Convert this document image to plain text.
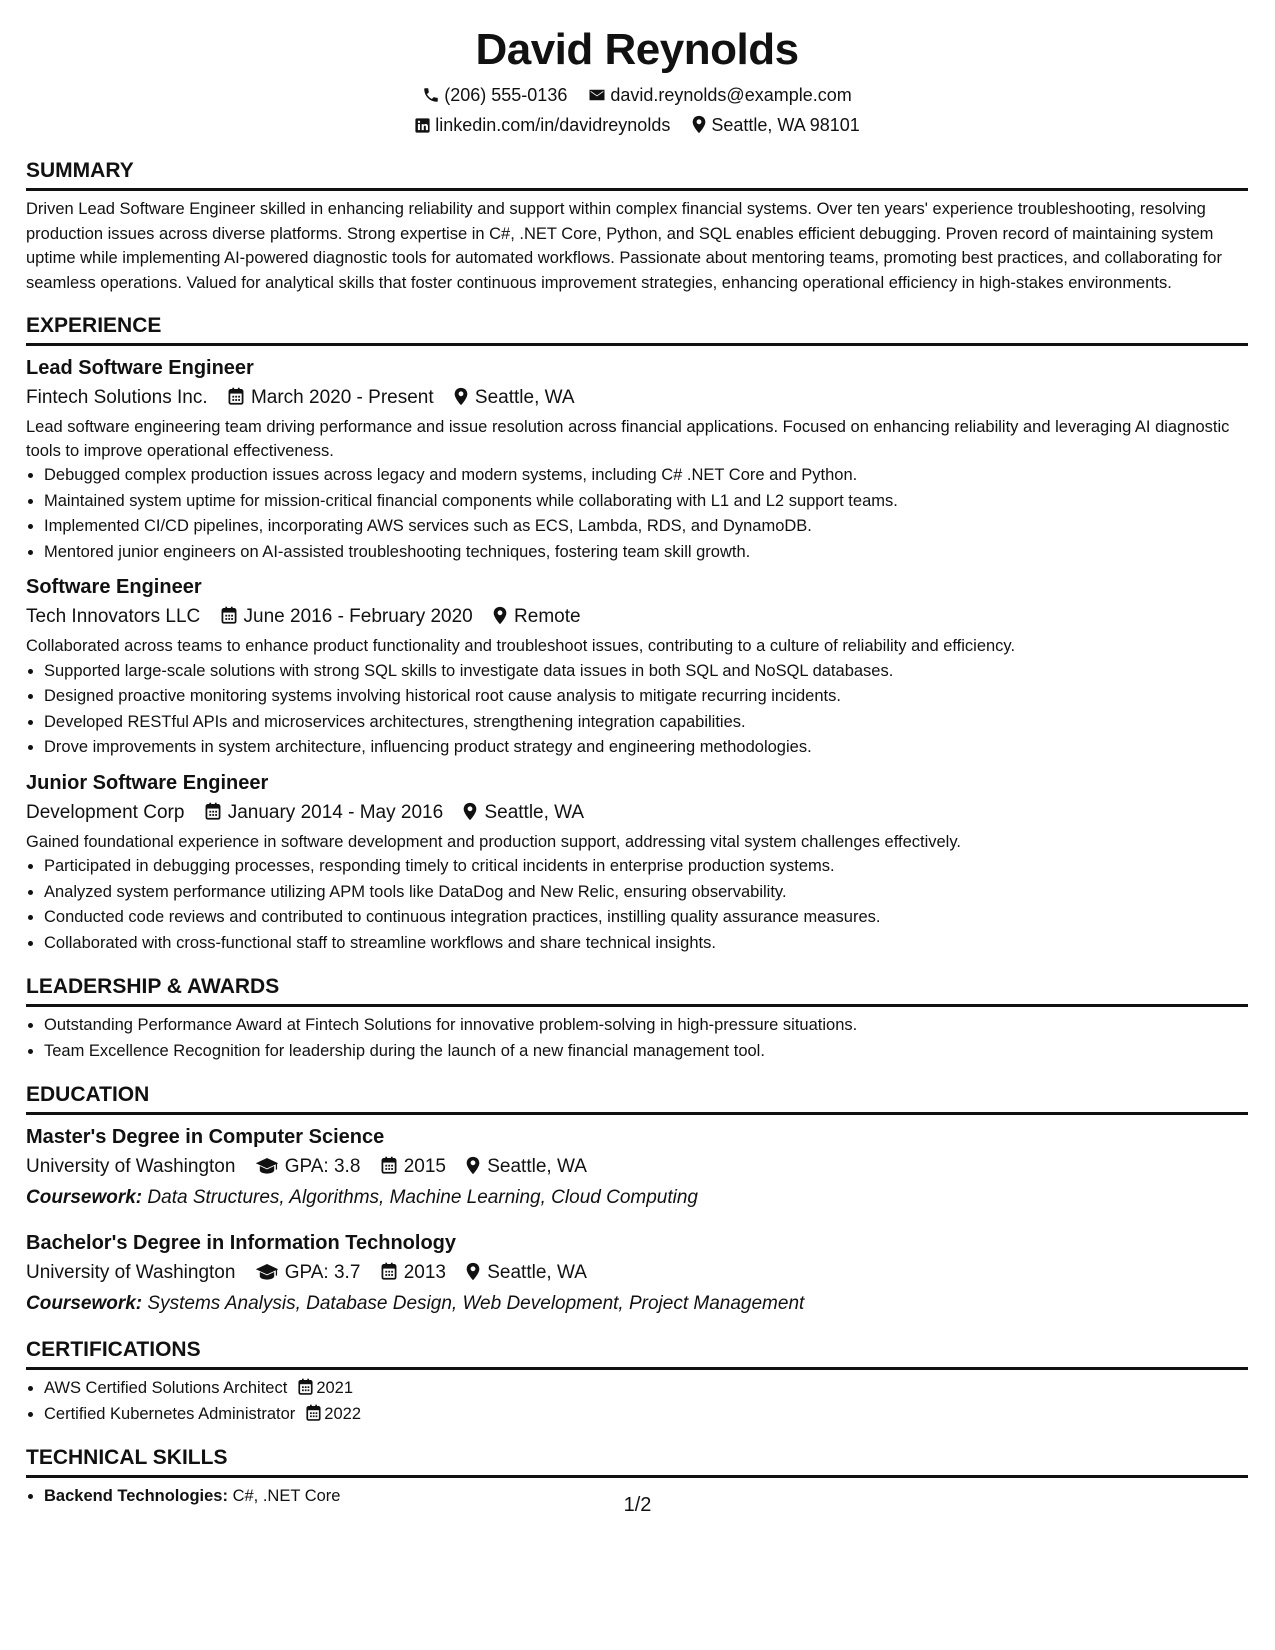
David Reynolds
(206) 555-0136 david.reynolds@example.com
linkedin.com/in/davidreynolds Seattle, WA 98101
SUMMARY

Driven Lead Software Engineer skilled in enhancing reliability and support within complex financial systems. Over ten years' experience troubleshooting, resolving production issues across diverse platforms. Strong expertise in C#, .NET Core, Python, and SQL enables efficient debugging. Proven record of maintaining system uptime while implementing AI-powered diagnostic tools for automated workflows. Passionate about mentoring teams, promoting best practices, and collaborating for seamless operations. Valued for analytical skills that foster continuous improvement strategies, enhancing operational efficiency in high-stakes environments.

EXPERIENCE
Lead Software Engineer
Fintech Solutions Inc. March 2020 - Present Seattle, WA
Lead software engineering team driving performance and issue resolution across financial applications. Focused on enhancing reliability and leveraging AI diagnostic tools to improve operational effectiveness.
• Debugged complex production issues across legacy and modern systems, including C# .NET Core and Python.
• Maintained system uptime for mission-critical financial components while collaborating with L1 and L2 support teams.
• Implemented CI/CD pipelines, incorporating AWS services such as ECS, Lambda, RDS, and DynamoDB.
• Mentored junior engineers on AI-assisted troubleshooting techniques, fostering team skill growth.
Software Engineer
Tech Innovators LLC June 2016 - February 2020 Remote
Collaborated across teams to enhance product functionality and troubleshoot issues, contributing to a culture of reliability and efficiency.
• Supported large-scale solutions with strong SQL skills to investigate data issues in both SQL and NoSQL databases.
• Designed proactive monitoring systems involving historical root cause analysis to mitigate recurring incidents.
• Developed RESTful APIs and microservices architectures, strengthening integration capabilities.
• Drove improvements in system architecture, influencing product strategy and engineering methodologies.
Junior Software Engineer
Development Corp January 2014 - May 2016 Seattle, WA
Gained foundational experience in software development and production support, addressing vital system challenges effectively.
• Participated in debugging processes, responding timely to critical incidents in enterprise production systems.
• Analyzed system performance utilizing APM tools like DataDog and New Relic, ensuring observability.
• Conducted code reviews and contributed to continuous integration practices, instilling quality assurance measures.
• Collaborated with cross-functional staff to streamline workflows and share technical insights.
LEADERSHIP & AWARDS
• Outstanding Performance Award at Fintech Solutions for innovative problem-solving in high-pressure situations.
• Team Excellence Recognition for leadership during the launch of a new financial management tool.
EDUCATION
Master's Degree in Computer Science
University of Washington	GPA: 3.8 2015 Seattle, WA
Coursework: Data Structures, Algorithms, Machine Learning, Cloud Computing
Bachelor's Degree in Information Technology
University of Washington	GPA: 3.7 2013 Seattle, WA
Coursework: Systems Analysis, Database Design, Web Development, Project Management
CERTIFICATIONS
• AWS Certified Solutions Architect 2021
• Certified Kubernetes Administrator 2022
TECHNICAL SKILLS
• Backend Technologies: C#, .NET Core	1/2
